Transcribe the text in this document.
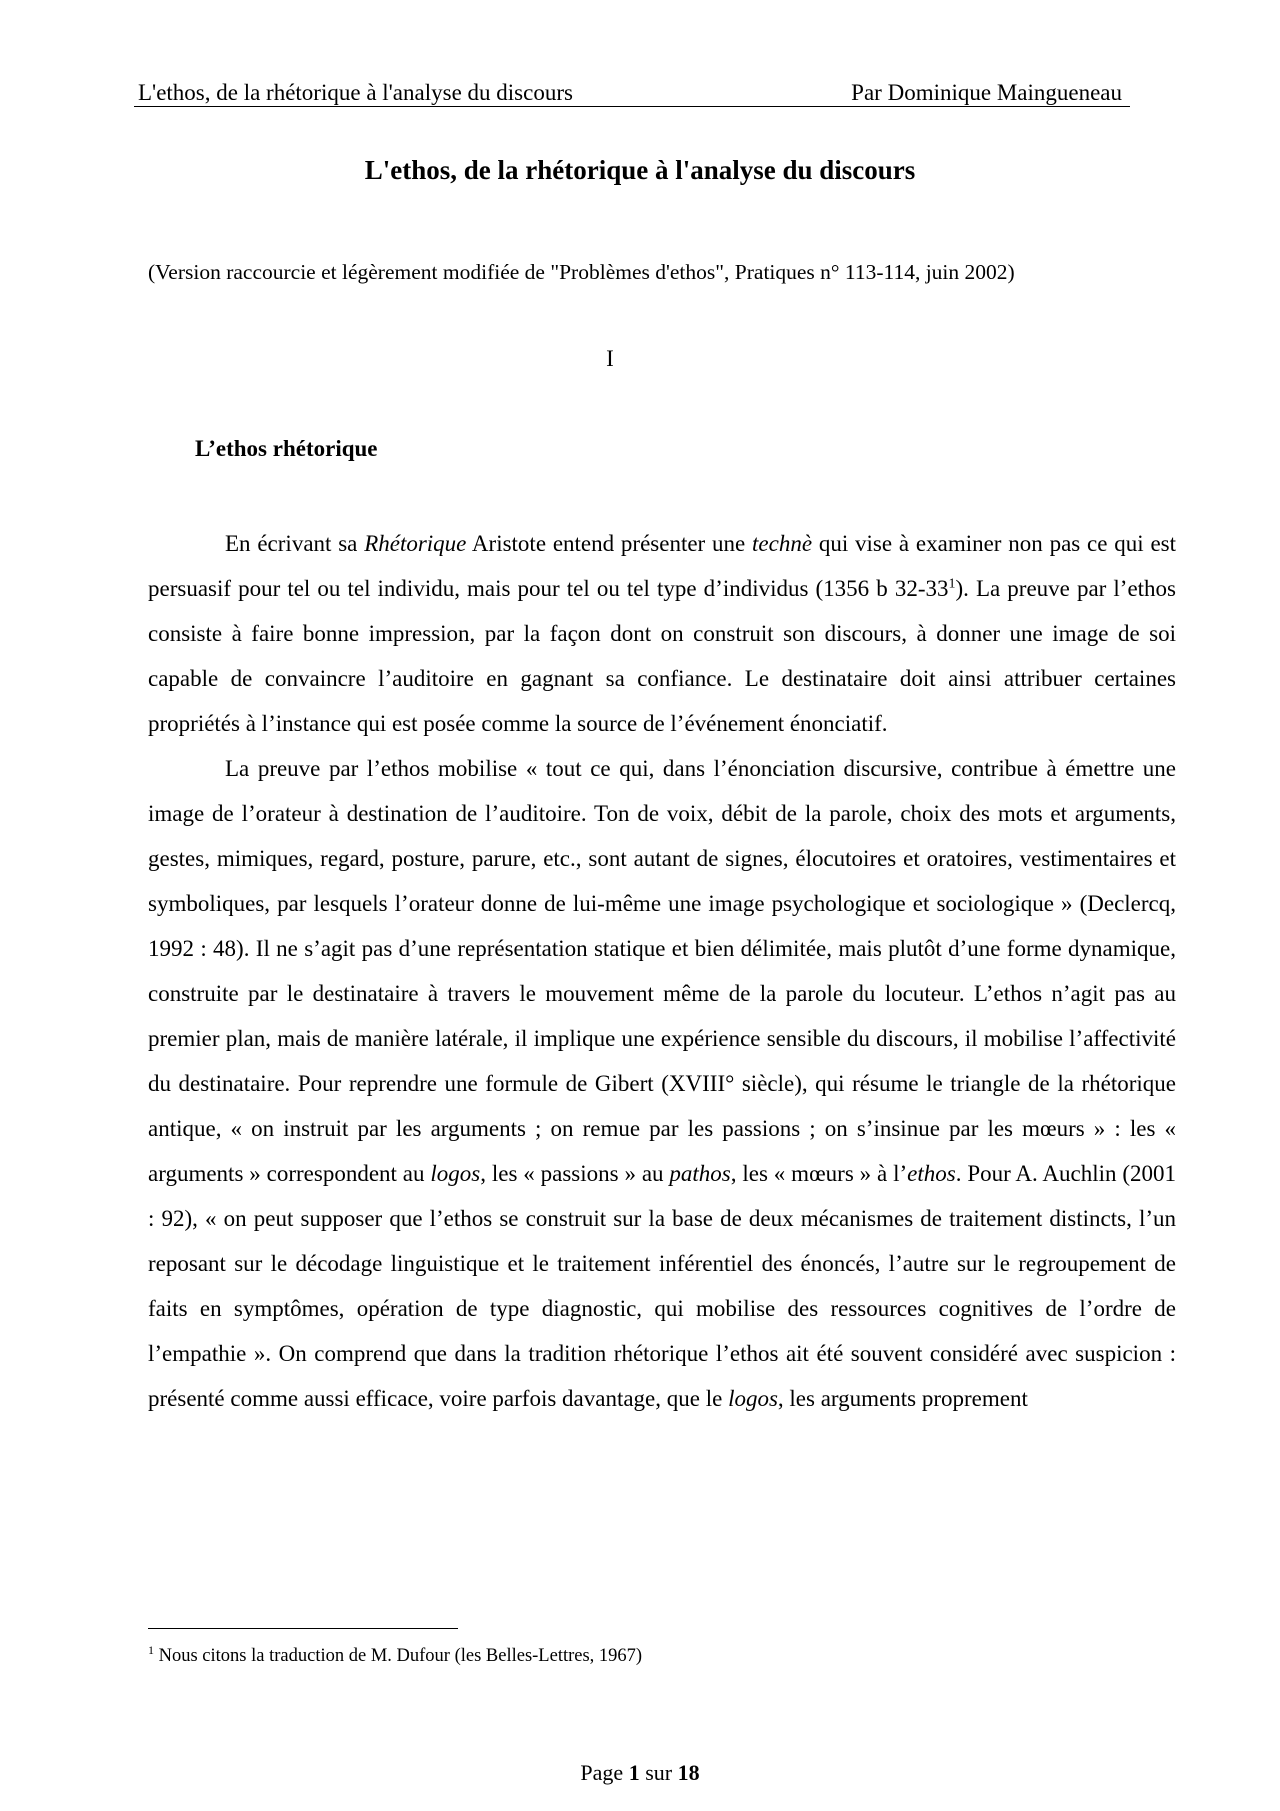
L'ethos, de la rhétorique à l'analyse du discours	Par Dominique Maingueneau
L'ethos, de la rhétorique à l'analyse du discours

(Version raccourcie et légèrement modifiée de "Problèmes d'ethos", Pratiques n° 113-114, juin 2002)

I

L’ethos rhétorique

En écrivant sa Rhétorique Aristote entend présenter une technè qui vise à examiner non pas ce qui est persuasif pour tel ou tel individu, mais pour tel ou tel type d’individus (1356 b $32-33^1$). La preuve par l’ethos consiste à faire bonne impression, par la façon dont on construit son discours, à donner une image de soi capable de convaincre l’auditoire en gagnant sa confiance. Le destinataire doit ainsi attribuer certaines propriétés à l’instance qui est posée comme la source de l’événement énonciatif.

La preuve par l’ethos mobilise « tout ce qui, dans l’énonciation discursive, contribue à émettre une image de l’orateur à destination de l’auditoire. Ton de voix, débit de la parole, choix des mots et arguments, gestes, mimiques, regard, posture, parure, etc., sont autant de signes, élocutoires et oratoires, vestimentaires et symboliques, par lesquels l’orateur donne de lui-même une image psychologique et sociologique » (Declercq, 1992 : 48). Il ne s’agit pas d’une représentation statique et bien délimitée, mais plutôt d’une forme dynamique, construite par le destinataire à travers le mouvement même de la parole du locuteur. L’ethos n’agit pas au premier plan, mais de manière latérale, il implique une expérience sensible du discours, il mobilise l’affectivité du destinataire. Pour reprendre une formule de Gibert (XVIII° siècle), qui résume le triangle de la rhétorique antique, « on instruit par les arguments ; on remue par les passions ; on s’insinue par les mœurs » : les « arguments » correspondent au logos, les « passions » au pathos, les « mœurs » à l’ethos. Pour A. Auchlin (2001 : 92), « on peut supposer que l’ethos se construit sur la base de deux mécanismes de traitement distincts, l’un reposant sur le décodage linguistique et le traitement inférentiel des énoncés, l’autre sur le regroupement de faits en symptômes, opération de type diagnostic, qui mobilise des ressources cognitives de l’ordre de l’empathie ». On comprend que dans la tradition rhétorique l’ethos ait été souvent considéré avec suspicion : présenté comme aussi efficace, voire parfois davantage, que le logos, les arguments proprement

$^1$ Nous citons la traduction de M. Dufour (les Belles-Lettres, 1967)

Page 1 sur 18
